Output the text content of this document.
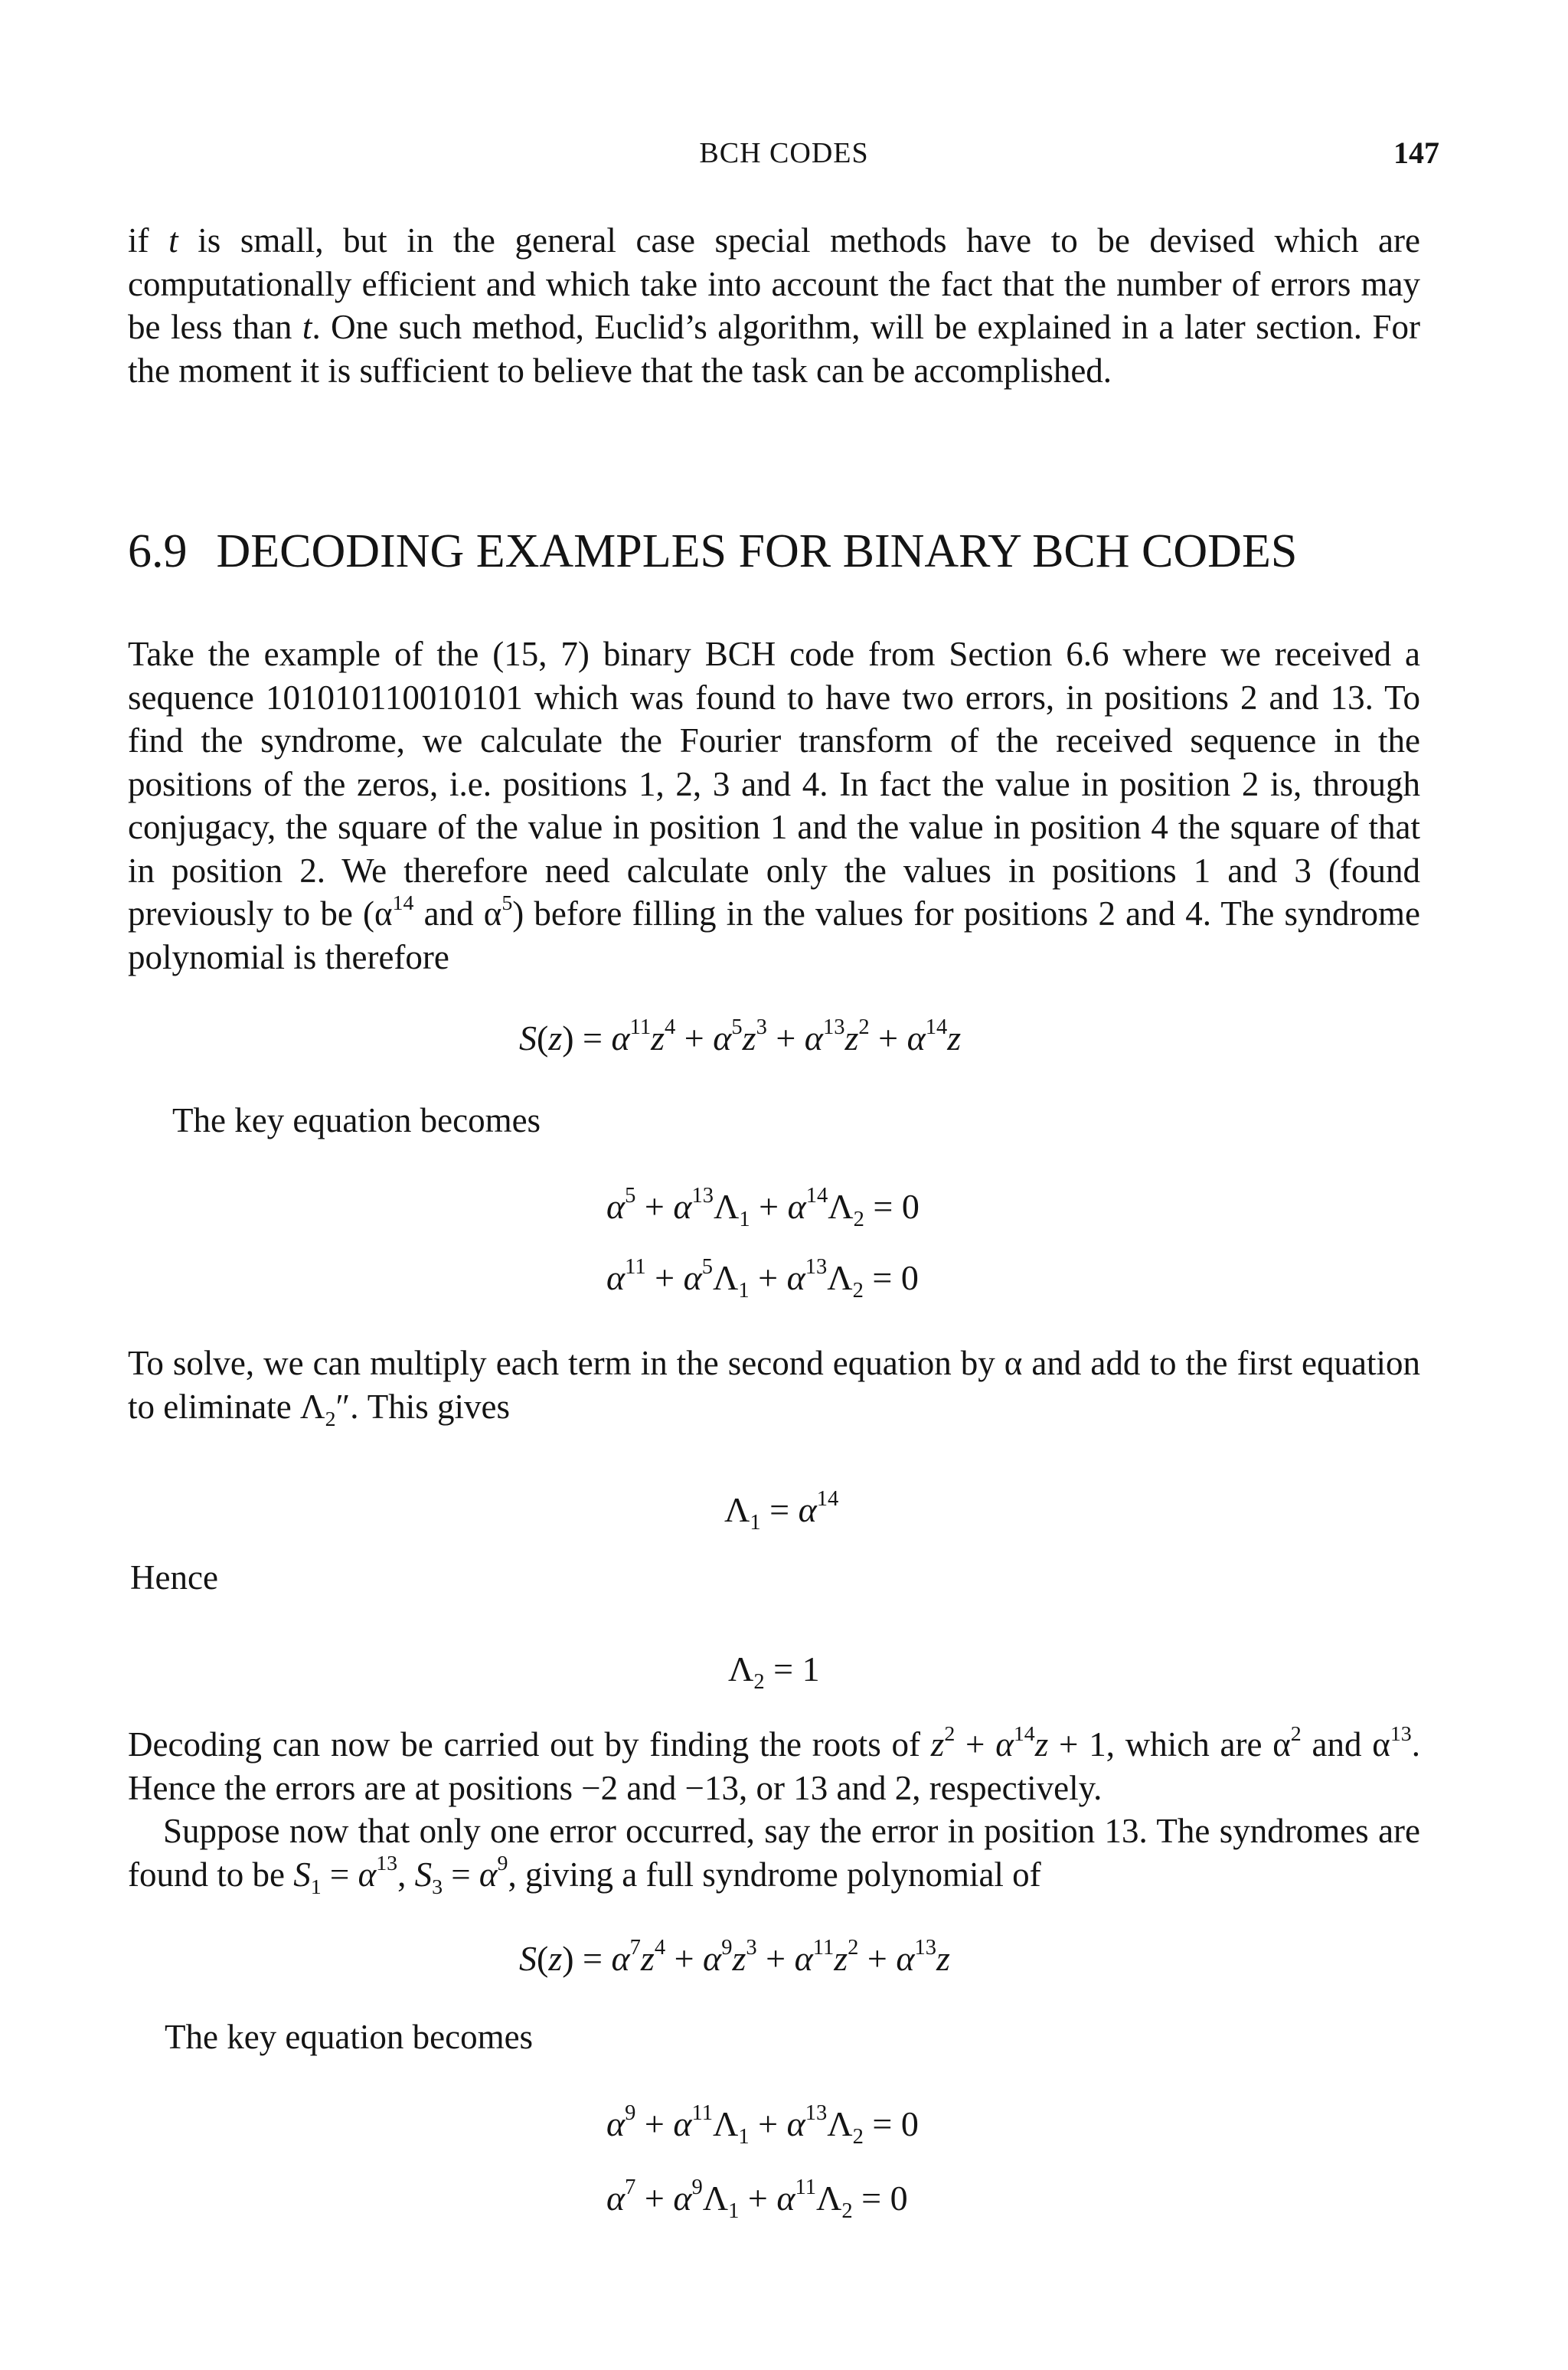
BCH CODES	147
if t is small, but in the general case special methods have to be devised which are computationally efficient and which take into account the fact that the number of errors may be less than t. One such method, Euclid’s algorithm, will be explained in a later section. For the moment it is sufficient to believe that the task can be accomplished.
6.9 DECODING EXAMPLES FOR BINARY BCH CODES
Take the example of the (15, 7) binary BCH code from Section 6.6 where we received a sequence 101010110010101 which was found to have two errors, in positions 2 and 13. To find the syndrome, we calculate the Fourier transform of the received sequence in the positions of the zeros, i.e. positions 1, 2, 3 and 4. In fact the value in position 2 is, through conjugacy, the square of the value in position 1 and the value in position 4 the square of that in position 2. We therefore need calculate only the values in positions 1 and 3 (found previously to be ($\alpha^{14}$ and $\alpha^5$) before filling in the values for positions 2 and 4. The syndrome polynomial is therefore
$S(z) = \alpha^{11}z^4 + \alpha^5z^3 + \alpha^{13}z^2 + \alpha^{14}z$
The key equation becomes
$\alpha^5 + \alpha^{13}\Lambda_1 + \alpha^{14}\Lambda_2 = 0$
$\alpha^{11} + \alpha^5\Lambda_1 + \alpha^{13}\Lambda_2 = 0$
To solve, we can multiply each term in the second equation by α and add to the first equation to eliminate $\Lambda_2''$. This gives
$\Lambda_1 = \alpha^{14}$
Hence
$\Lambda_2 = 1$
Decoding can now be carried out by finding the roots of $z^2 + \alpha^{14}z + 1$, which are $\alpha^2$ and $\alpha^{13}$. Hence the errors are at positions −2 and −13, or 13 and 2, respectively.
Suppose now that only one error occurred, say the error in position 13. The syndromes are found to be $S_1 = \alpha^{13}$, $S_3 = \alpha^9$, giving a full syndrome polynomial of
$S(z) = \alpha^7z^4 + \alpha^9z^3 + \alpha^{11}z^2 + \alpha^{13}z$
The key equation becomes
$\alpha^9 + \alpha^{11}\Lambda_1 + \alpha^{13}\Lambda_2 = 0$
$\alpha^7 + \alpha^9\Lambda_1 + \alpha^{11}\Lambda_2 = 0$
